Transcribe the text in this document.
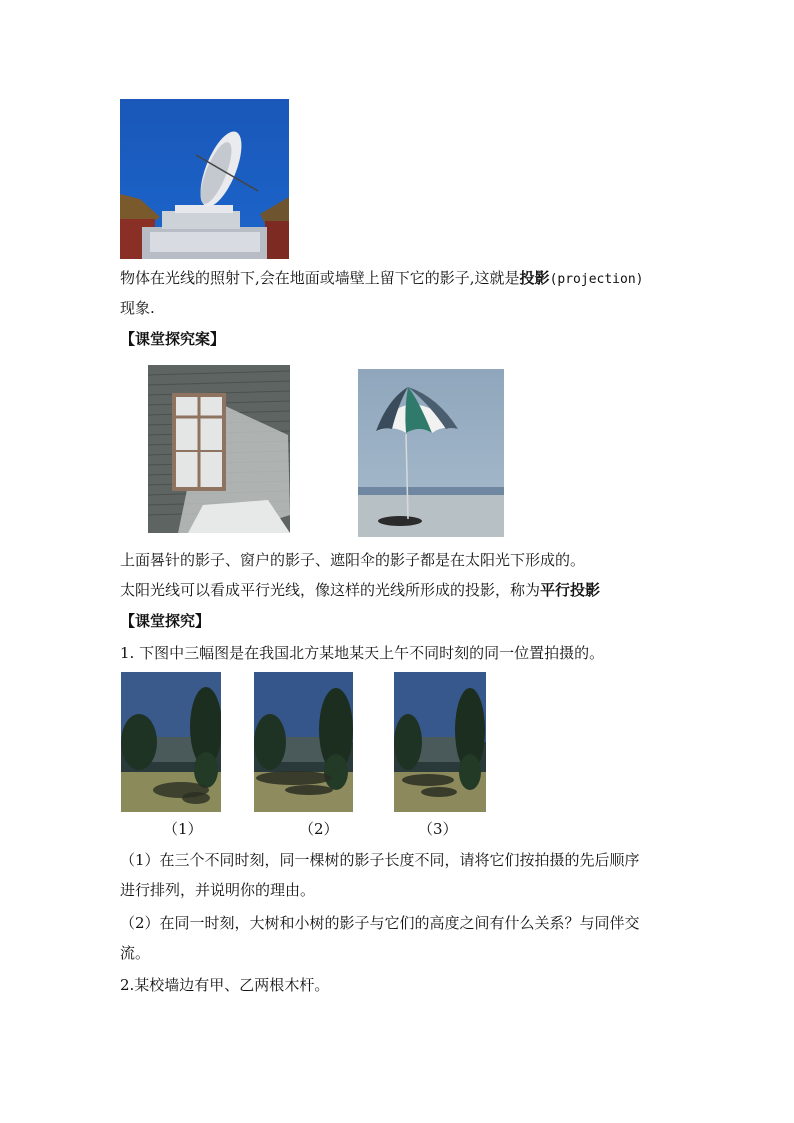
物体在光线的照射下,会在地面或墙壁上留下它的影子,这就是投影(projection)
现象.
【课堂探究案】
上面晷针的影子、窗户的影子、遮阳伞的影子都是在太阳光下形成的。
太阳光线可以看成平行光线，像这样的光线所形成的投影，称为平行投影
【课堂探究】
1. 下图中三幅图是在我国北方某地某天上午不同时刻的同一位置拍摄的。
（1）	（2）	（3）
（1）在三个不同时刻，同一棵树的影子长度不同，请将它们按拍摄的先后顺序
进行排列，并说明你的理由。
（2）在同一时刻，大树和小树的影子与它们的高度之间有什么关系？与同伴交
流。
2.某校墙边有甲、乙两根木杆。
